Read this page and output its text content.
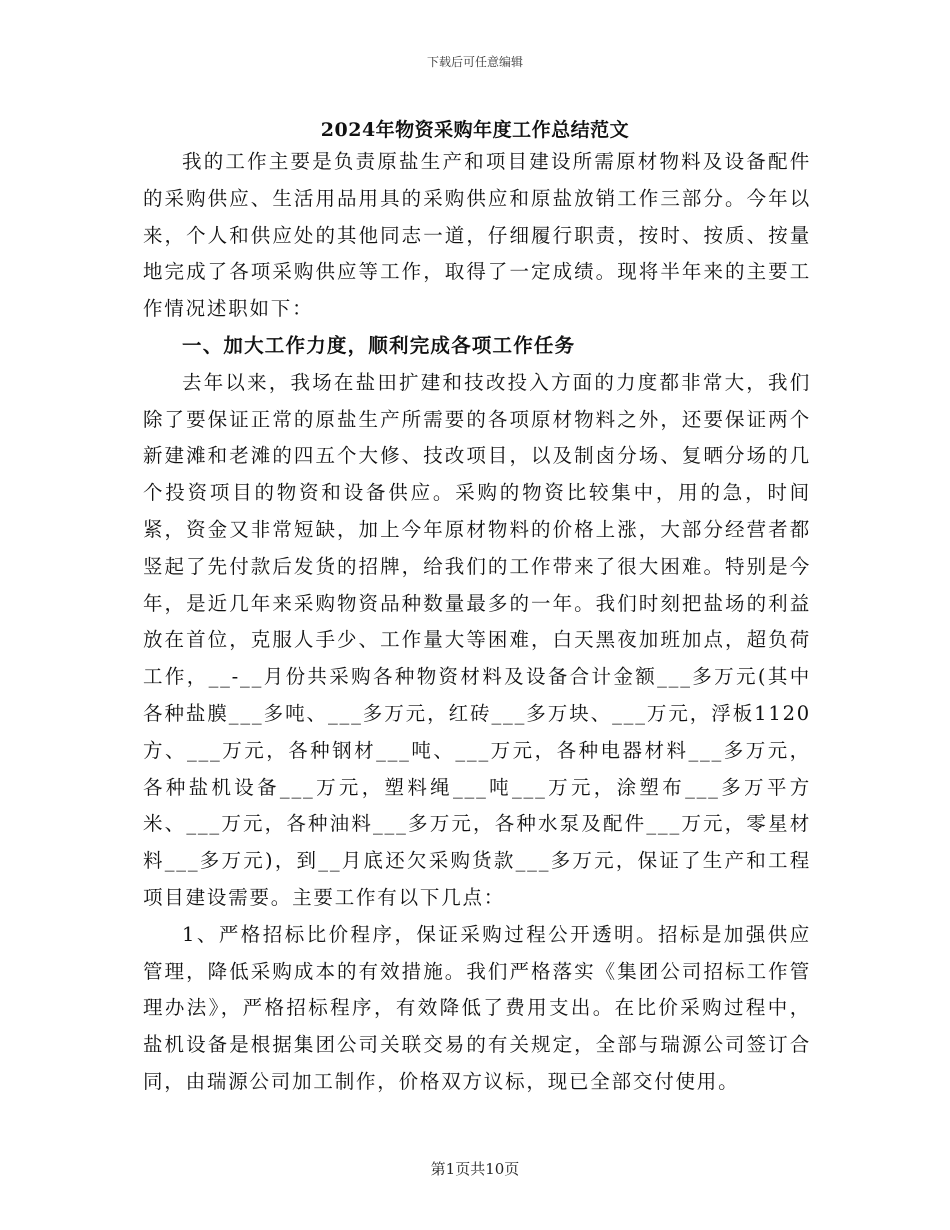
下载后可任意编辑
2024年物资采购年度工作总结范文

我的工作主要是负责原盐生产和项目建设所需原材物料及设备配件的采购供应、生活用品用具的采购供应和原盐放销工作三部分。今年以来，个人和供应处的其他同志一道，仔细履行职责，按时、按质、按量地完成了各项采购供应等工作，取得了一定成绩。现将半年来的主要工作情况述职如下：

一、加大工作力度，顺利完成各项工作任务

去年以来，我场在盐田扩建和技改投入方面的力度都非常大，我们除了要保证正常的原盐生产所需要的各项原材物料之外，还要保证两个新建滩和老滩的四五个大修、技改项目，以及制卤分场、复晒分场的几个投资项目的物资和设备供应。采购的物资比较集中，用的急，时间紧，资金又非常短缺，加上今年原材物料的价格上涨，大部分经营者都竖起了先付款后发货的招牌，给我们的工作带来了很大困难。特别是今年，是近几年来采购物资品种数量最多的一年。我们时刻把盐场的利益放在首位，克服人手少、工作量大等困难，白天黑夜加班加点，超负荷工作，__-__月份共采购各种物资材料及设备合计金额___多万元(其中各种盐膜___多吨、___多万元，红砖___多万块、___万元，浮板1120方、___万元，各种钢材___吨、___万元，各种电器材料___多万元，各种盐机设备___万元，塑料绳___吨___万元，涂塑布___多万平方米、___万元，各种油料___多万元，各种水泵及配件___万元，零星材料___多万元)，到__月底还欠采购货款___多万元，保证了生产和工程项目建设需要。主要工作有以下几点：

1、严格招标比价程序，保证采购过程公开透明。招标是加强供应管理，降低采购成本的有效措施。我们严格落实《集团公司招标工作管理办法》，严格招标程序，有效降低了费用支出。在比价采购过程中，盐机设备是根据集团公司关联交易的有关规定，全部与瑞源公司签订合同，由瑞源公司加工制作，价格双方议标，现已全部交付使用。

第1页共10页
